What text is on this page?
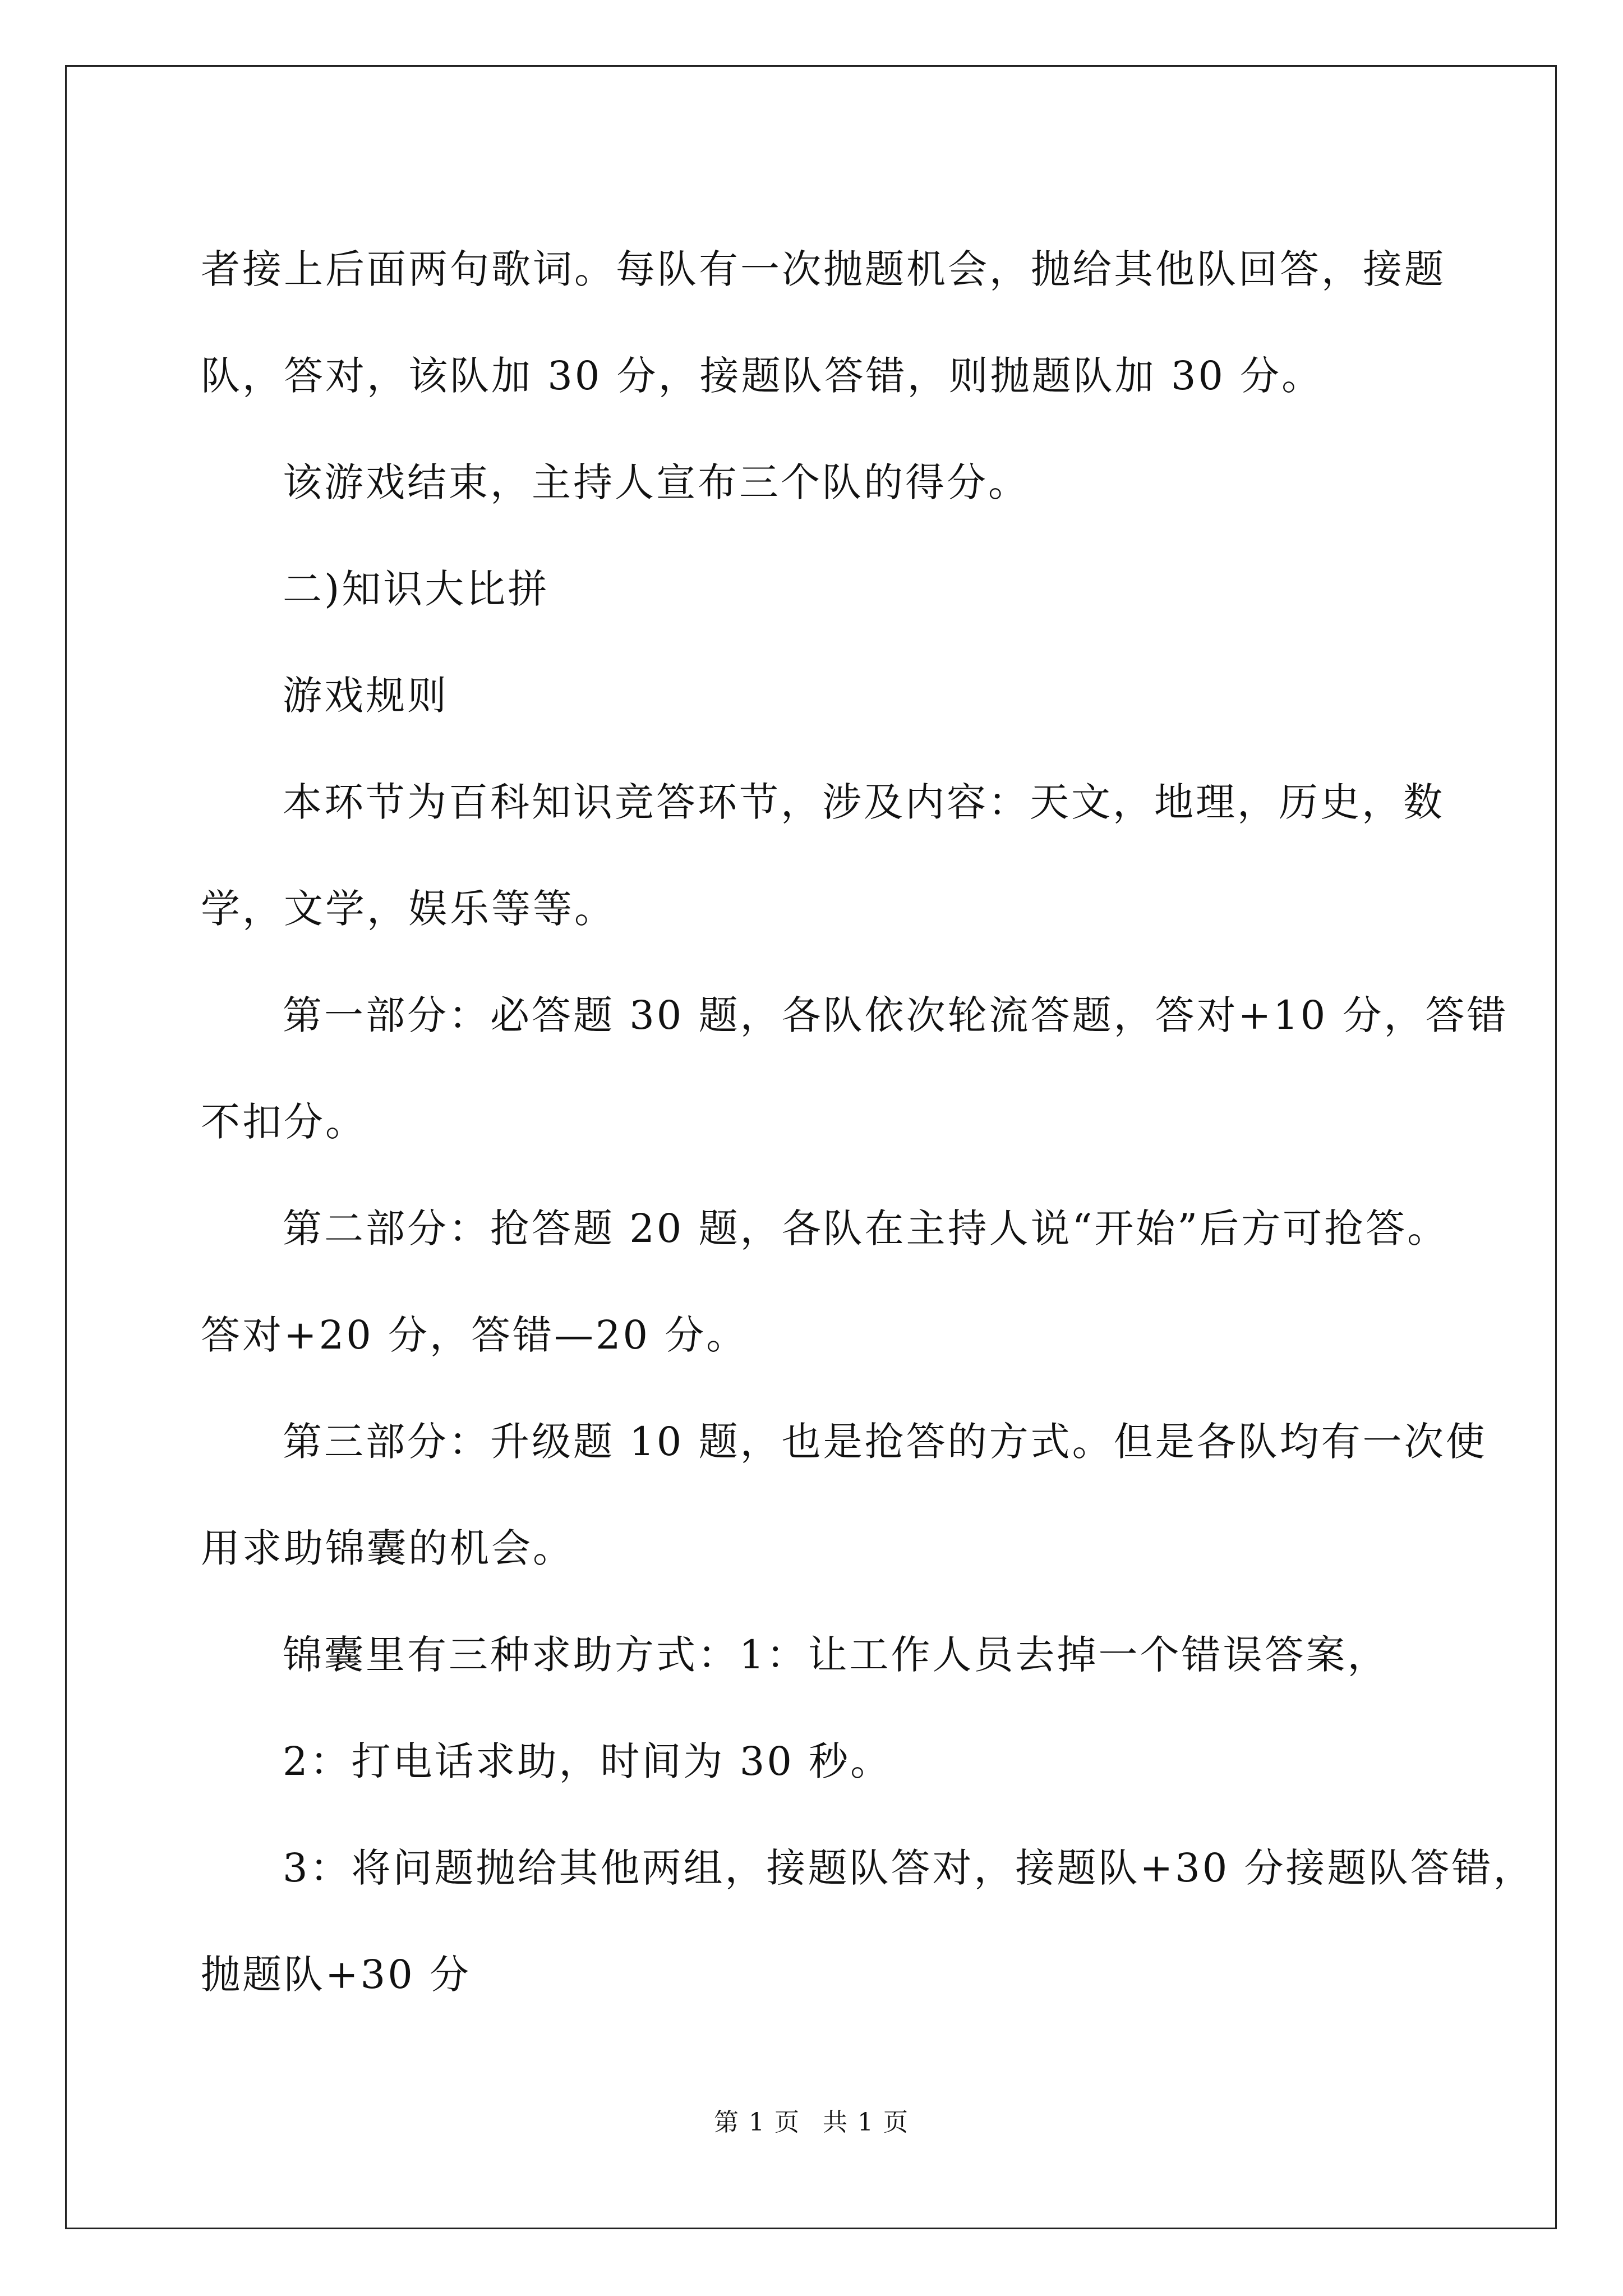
者接上后面两句歌词。每队有一次抛题机会，抛给其他队回答，接题

队，答对，该队加 30 分，接题队答错，则抛题队加 30 分。

该游戏结束，主持人宣布三个队的得分。

二)知识大比拼

游戏规则

本环节为百科知识竞答环节，涉及内容：天文，地理，历史，数

学，文学，娱乐等等。

第一部分：必答题 30 题，各队依次轮流答题，答对+10 分，答错

不扣分。

第二部分：抢答题 20 题，各队在主持人说“开始”后方可抢答。

答对+20 分，答错—20 分。

第三部分：升级题 10 题，也是抢答的方式。但是各队均有一次使

用求助锦囊的机会。

锦囊里有三种求助方式：1：让工作人员去掉一个错误答案，

2：打电话求助，时间为 30 秒。

3：将问题抛给其他两组，接题队答对，接题队+30 分接题队答错，

抛题队+30 分

第 1 页 共 1 页
